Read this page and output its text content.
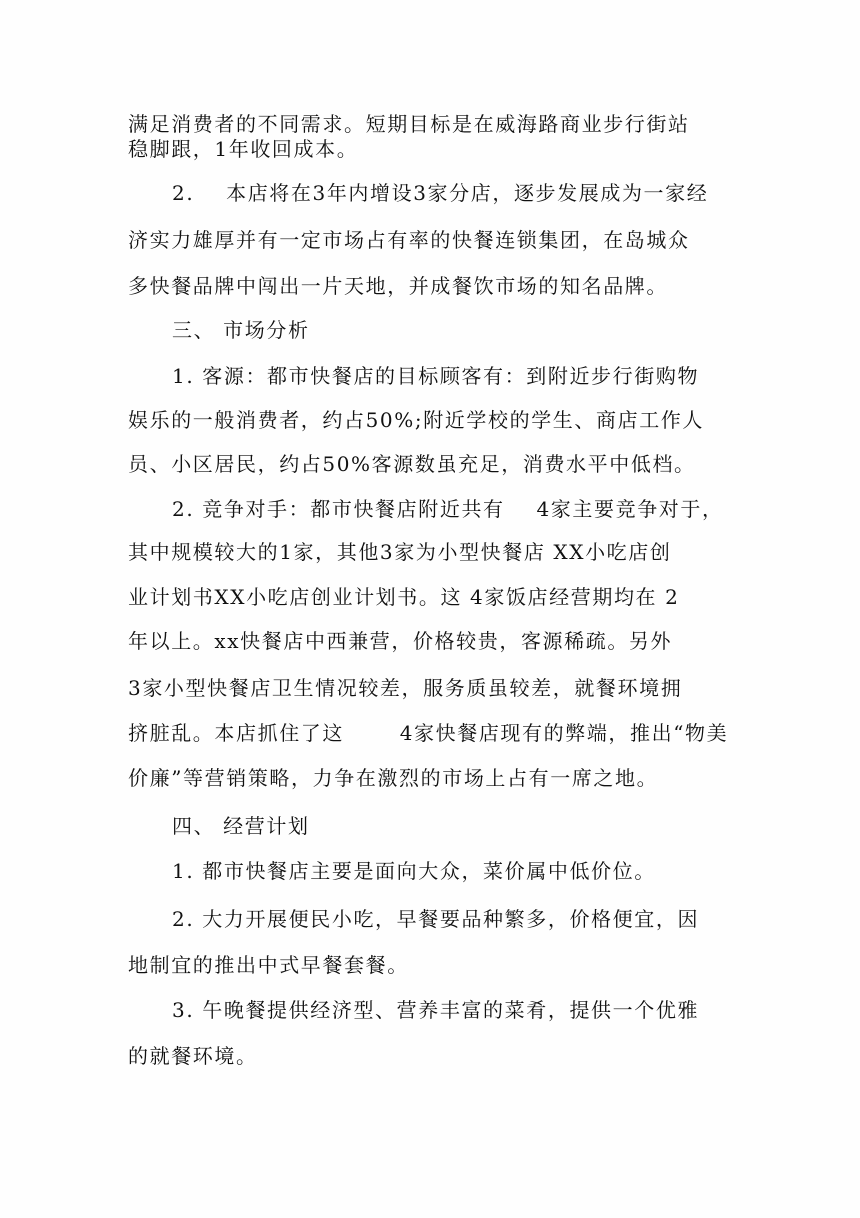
满足消费者的不同需求。短期目标是在威海路商业步行街站
稳脚跟，1年收回成本。
2.    本店将在3年内增设3家分店，逐步发展成为一家经
济实力雄厚并有一定市场占有率的快餐连锁集团，在岛城众
多快餐品牌中闯出一片天地，并成餐饮市场的知名品牌。
三、 市场分析
1. 客源：都市快餐店的目标顾客有：到附近步行街购物
娱乐的一般消费者，约占50%;附近学校的学生、商店工作人
员、小区居民，约占50%客源数虽充足，消费水平中低档。
2. 竞争对手：都市快餐店附近共有    4家主要竞争对于，
其中规模较大的1家，其他3家为小型快餐店 XX小吃店创
业计划书XX小吃店创业计划书。这 4家饭店经营期均在 2
年以上。xx快餐店中西兼营，价格较贵，客源稀疏。另外
3家小型快餐店卫生情况较差，服务质虽较差，就餐环境拥
挤脏乱。本店抓住了这       4家快餐店现有的弊端，推出“物美
价廉”等营销策略，力争在激烈的市场上占有一席之地。
四、 经营计划
1. 都市快餐店主要是面向大众，菜价属中低价位。
2. 大力开展便民小吃，早餐要品种繁多，价格便宜，因
地制宜的推出中式早餐套餐。
3. 午晚餐提供经济型、营养丰富的菜肴，提供一个优雅
的就餐环境。
